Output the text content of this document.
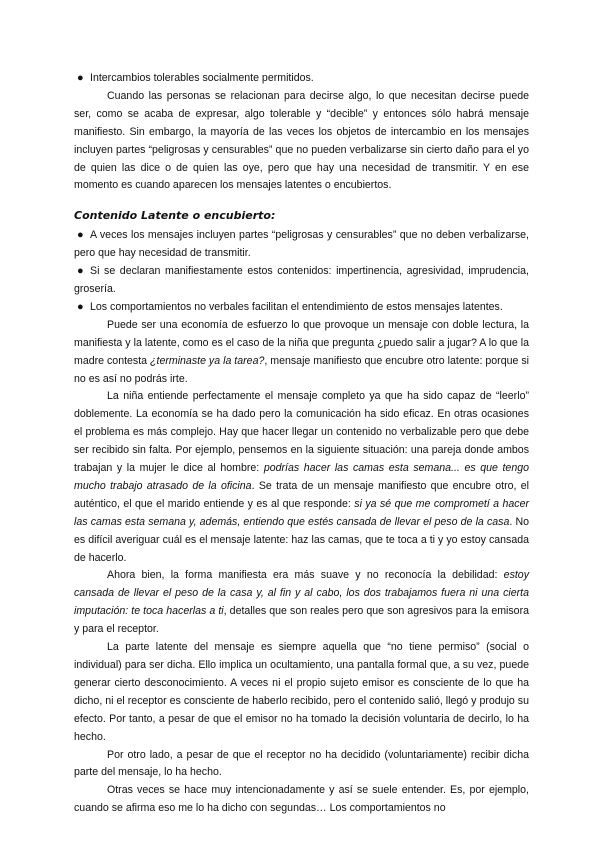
● Intercambios tolerables socialmente permitidos.

Cuando las personas se relacionan para decirse algo, lo que necesitan decirse puede ser, como se acaba de expresar, algo tolerable y “decible” y entonces sólo habrá mensaje manifiesto. Sin embargo, la mayoría de las veces los objetos de intercambio en los mensajes incluyen partes “peligrosas y censurables” que no pueden verbalizarse sin cierto daño para el yo de quien las dice o de quien las oye, pero que hay una necesidad de transmitir. Y en ese momento es cuando aparecen los mensajes latentes o encubiertos.

Contenido Latente o encubierto:
● A veces los mensajes incluyen partes “peligrosas y censurables” que no deben verbalizarse, pero que hay necesidad de transmitir.
● Si se declaran manifiestamente estos contenidos: impertinencia, agresividad, imprudencia, grosería.
● Los comportamientos no verbales facilitan el entendimiento de estos mensajes latentes.

Puede ser una economía de esfuerzo lo que provoque un mensaje con doble lectura, la manifiesta y la latente, como es el caso de la niña que pregunta ¿puedo salir a jugar? A lo que la madre contesta ¿terminaste ya la tarea?, mensaje manifiesto que encubre otro latente: porque si no es así no podrás irte.

La niña entiende perfectamente el mensaje completo ya que ha sido capaz de “leerlo” doblemente. La economía se ha dado pero la comunicación ha sido eficaz. En otras ocasiones el problema es más complejo. Hay que hacer llegar un contenido no verbalizable pero que debe ser recibido sin falta. Por ejemplo, pensemos en la siguiente situación: una pareja donde ambos trabajan y la mujer le dice al hombre: podrías hacer las camas esta semana... es que tengo mucho trabajo atrasado de la oficina. Se trata de un mensaje manifiesto que encubre otro, el auténtico, el que el marido entiende y es al que responde: si ya sé que me comprometí a hacer las camas esta semana y, además, entiendo que estés cansada de llevar el peso de la casa. No es difícil averiguar cuál es el mensaje latente: haz las camas, que te toca a ti y yo estoy cansada de hacerlo.

Ahora bien, la forma manifiesta era más suave y no reconocía la debilidad: estoy cansada de llevar el peso de la casa y, al fin y al cabo, los dos trabajamos fuera ni una cierta imputación: te toca hacerlas a ti, detalles que son reales pero que son agresivos para la emisora y para el receptor.

La parte latente del mensaje es siempre aquella que “no tiene permiso” (social o individual) para ser dicha. Ello implica un ocultamiento, una pantalla formal que, a su vez, puede generar cierto desconocimiento. A veces ni el propio sujeto emisor es consciente de lo que ha dicho, ni el receptor es consciente de haberlo recibido, pero el contenido salió, llegó y produjo su efecto. Por tanto, a pesar de que el emisor no ha tomado la decisión voluntaria de decirlo, lo ha hecho.

Por otro lado, a pesar de que el receptor no ha decidido (voluntariamente) recibir dicha parte del mensaje, lo ha hecho.

Otras veces se hace muy intencionadamente y así se suele entender. Es, por ejemplo, cuando se afirma eso me lo ha dicho con segundas… Los comportamientos no
